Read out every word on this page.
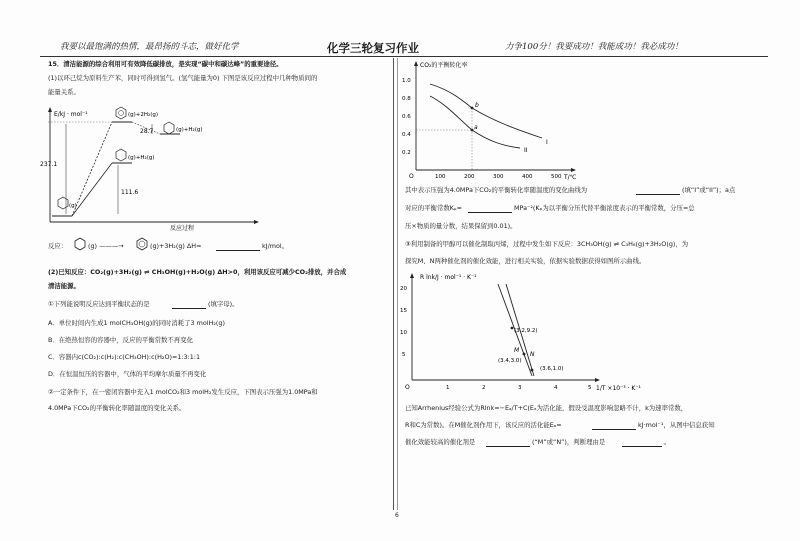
我要以最饱满的热情，最昂扬的斗志，做好化学	化学三轮复习作业	力争100分！我要成功！我能成功！我必成功！
15．清洁能源的综合利用可有效降低碳排放，是实现“碳中和碳达峰”的重要途径。
(1)以环己烷为原料生产苯，同时可得到氢气。(氢气能量为0) 下图是该反应过程中几种物质间的
能量关系。
E/kJ · mol⁻¹
反应过程
237.1
111.6
28.7
(g)
(g)+2H₂(g)
(g)+H₂(g)
(g)+H₂(g)
反应：	(g) ———→	(g)+3H₂(g) ΔH=	kJ/mol。
(2)已知反应：CO₂(g)+3H₂(g) ⇌ CH₃OH(g)+H₂O(g) ΔH>0，利用该反应可减少CO₂排放，并合成
清洁能源。
①下列能说明反应达到平衡状态的是	(填字母)。
A．单位时间内生成1 molCH₃OH(g)的同时消耗了3 molH₂(g)
B．在绝热恒容的容器中，反应的平衡常数不再变化
C．容器内c(CO₂):c(H₂):c(CH₃OH):c(H₂O)=1:3:1:1
D．在恒温恒压的容器中，气体的平均摩尔质量不再变化
②一定条件下，在一密闭容器中充入1 molCO₂和3 molH₂发生反应，下图表示压强为1.0MPa和
4.0MPa下CO₂的平衡转化率随温度的变化关系。
CO₂的平衡转化率
T/℃
O
1.0
0.8
0.6
0.4
0.2
100	200	300	400	500
I
II
b
a
其中表示压强为4.0MPa下CO₂的平衡转化率随温度的变化曲线为	(填“I”或“II”)；a点
对应的平衡常数Kₚ=	MPa⁻²(Kₚ为以平衡分压代替平衡浓度表示的平衡常数，分压=总
压×物质的量分数，结果保留到0.01)。
③利用制备的甲醇可以催化制取丙烯，过程中发生如下反应：3CH₃OH(g) ⇌ C₃H₆(g)+3H₂O(g)，为
探究M、N两种催化剂的催化效能，进行相关实验，依据实验数据获得如图所示曲线。
R lnk/J · mol⁻¹ · K⁻¹
1/T ×10⁻³ · K⁻¹
O
20
15
10
5
1	2	3	4	5
(3.2,9.2)
(3.4,3.0)
(3.6,1.0)
M
N
已知Arrhenius经验公式为Rlnk=−Eₐ/T+C(Eₐ为活化能，假设受温度影响忽略不计，k为速率常数，
R和C为常数)。在M催化剂作用下，该反应的活化能Eₐ=	kJ·mol⁻¹，从图中信息获知
催化效能较高的催化剂是	(“M”或“N”)，判断理由是	。
6
